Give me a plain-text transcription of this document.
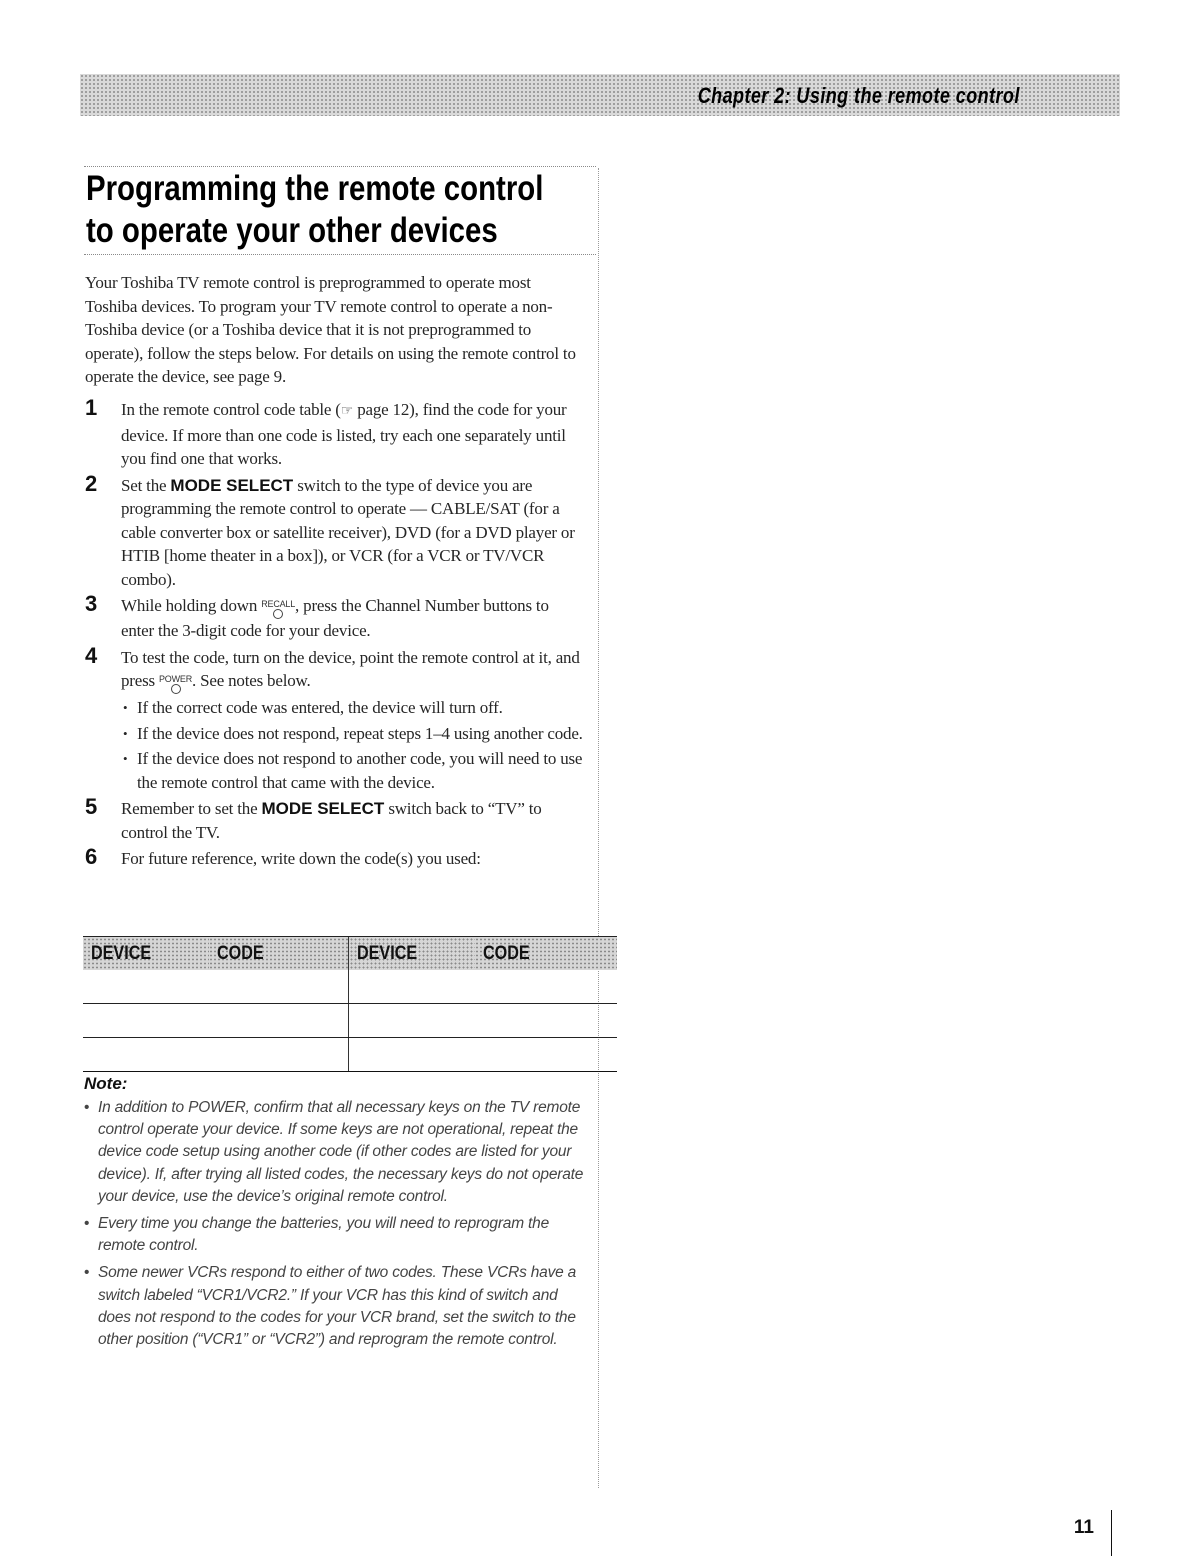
Chapter 2: Using the remote control
Programming the remote control
to operate your other devices

Your Toshiba TV remote control is preprogrammed to operate most Toshiba devices. To program your TV remote control to operate a non-Toshiba device (or a Toshiba device that it is not preprogrammed to operate), follow the steps below. For details on using the remote control to operate the device, see page 9.

1 In the remote control code table (☞ page 12), find the code for your device. If more than one code is listed, try each one separately until you find one that works.
2 Set the MODE SELECT switch to the type of device you are programming the remote control to operate — CABLE/SAT (for a cable converter box or satellite receiver), DVD (for a DVD player or HTIB [home theater in a box]), or VCR (for a VCR or TV/VCR combo).
3 While holding down RECALL
, press the Channel Number buttons to enter the 3-digit code for your device.
4 To test the code, turn on the device, point the remote control at it, and press POWER
. See notes below.
• If the correct code was entered, the device will turn off.
• If the device does not respond, repeat steps 1–4 using another code.
• If the device does not respond to another code, you will need to use the remote control that came with the device.
5 Remember to set the MODE SELECT switch back to “TV” to control the TV.
6 For future reference, write down the code(s) you used:
DEVICE	CODE	DEVICE	CODE

Note:
• In addition to POWER, confirm that all necessary keys on the TV remote control operate your device. If some keys are not operational, repeat the device code setup using another code (if other codes are listed for your device). If, after trying all listed codes, the necessary keys do not operate your device, use the device’s original remote control.
• Every time you change the batteries, you will need to reprogram the remote control.
• Some newer VCRs respond to either of two codes. These VCRs have a switch labeled “VCR1/VCR2.” If your VCR has this kind of switch and does not respond to the codes for your VCR brand, set the switch to the other position (“VCR1” or “VCR2”) and reprogram the remote control.
11
